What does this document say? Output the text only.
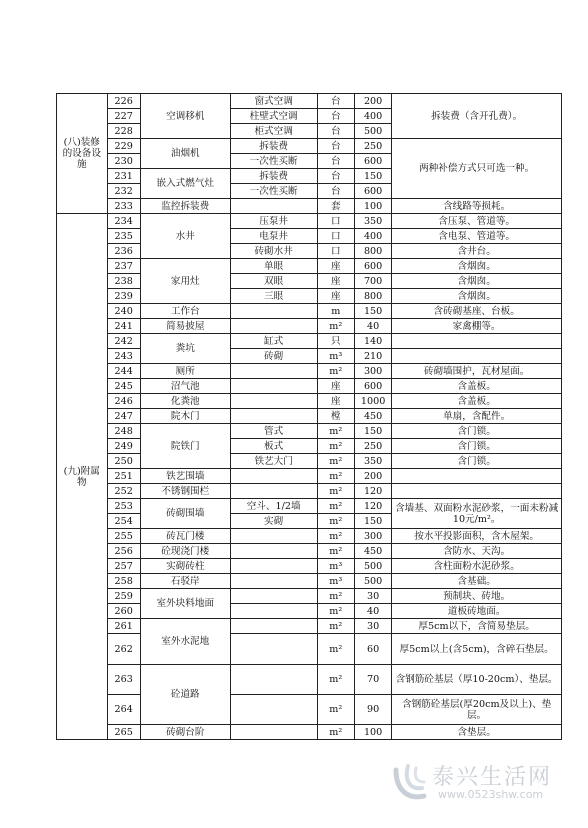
(八)装修的设备设施	226	空调移机	窗式空调	台	200	拆装费（含开孔费）。
	227		柱壁式空调	台	400	
	228		柜式空调	台	500	
	229	油烟机	拆装费	台	250	两种补偿方式只可选一种。
	230		一次性买断	台	600	
	231	嵌入式燃气灶	拆装费	台	150	
	232		一次性买断	台	600	
	233	监控拆装费		套	100	含线路等损耗。
(九)附属物	234	水井	压泵井	口	350	含压泵、管道等。
	235		电泵井	口	400	含电泵、管道等。
	236		砖砌水井	口	800	含井台。
	237	家用灶	单眼	座	600	含烟囱。
	238		双眼	座	700	含烟囱。
	239		三眼	座	800	含烟囱。
	240	工作台		m	150	含砖砌基座、台板。
	241	简易披屋		m²	40	家禽棚等。
	242	粪坑	缸式	只	140	
	243		砖砌	m³	210	
	244	厕所		m²	300	砖砌墙围护，瓦材屋面。
	245	沼气池		座	600	含盖板。
	246	化粪池		座	1000	含盖板。
	247	院木门		樘	450	单扇，含配件。
	248	院铁门	管式	m²	150	含门锁。
	249		板式	m²	250	含门锁。
	250		铁艺大门	m²	350	含门锁。
	251	铁艺围墙		m²	200	
	252	不锈钢围栏		m²	120	
	253	砖砌围墙	空斗、1/2墙	m²	120	含墙基、双面粉水泥砂浆，一面未粉减10元/m²。
	254		实砌	m²	150	
	255	砖瓦门楼		m²	300	按水平投影面积，含木屋架。
	256	砼现浇门楼		m²	450	含防水、天沟。
	257	实砌砖柱		m³	500	含柱面粉水泥砂浆。
	258	石驳岸		m³	500	含基础。
	259	室外块料地面		m²	30	预制块、砖地。
	260			m²	40	道板砖地面。
	261	室外水泥地		m²	30	厚5cm以下，含简易垫层。
	262			m²	60	厚5cm以上(含5cm)，含碎石垫层。
	263	砼道路		m²	70	含钢筋砼基层（厚10-20cm）、垫层。
	264			m²	90	含钢筋砼基层(厚20cm及以上)、垫层。
	265	砖砌台阶		m²	100	含垫层。
泰兴生活网
www.0523shw.com
